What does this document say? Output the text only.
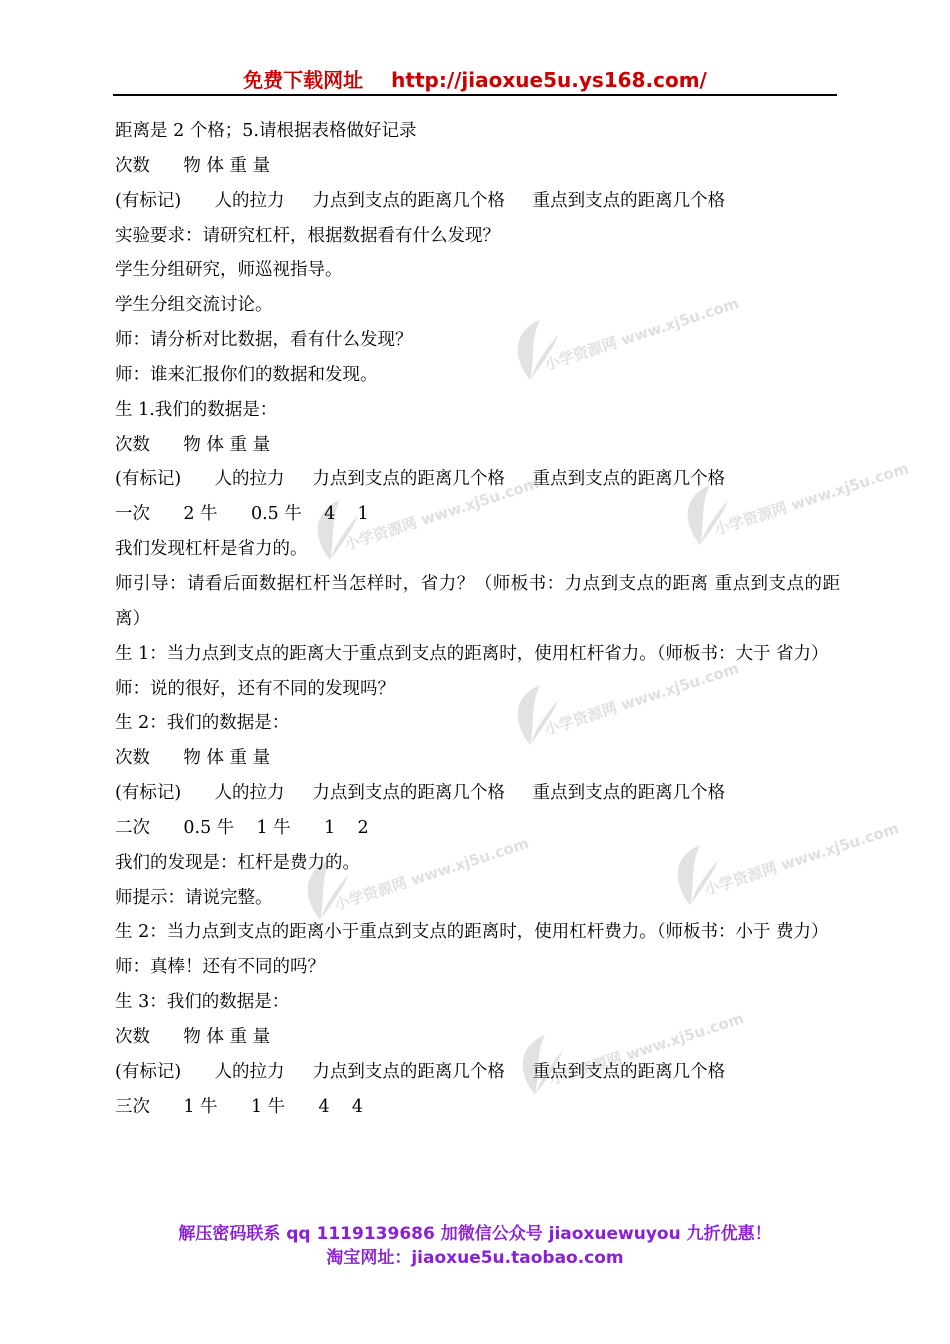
免费下载网址 http://jiaoxue5u.ys168.com/
小学资源网 www.xj5u.com
小学资源网 www.xj5u.com	小学资源网 www.xj5u.com
小学资源网 www.xj5u.com
小学资源网 www.xj5u.com	小学资源网 www.xj5u.com
小学资源网 www.xj5u.com
距离是 2 个格；5.请根据表格做好记录
次数      物 体 重 量
(有标记)      人的拉力     力点到支点的距离几个格     重点到支点的距离几个格
实验要求：请研究杠杆，根据数据看有什么发现？
学生分组研究，师巡视指导。
学生分组交流讨论。
师：请分析对比数据，看有什么发现？
师：谁来汇报你们的数据和发现。
生 1.我们的数据是：
次数      物 体 重 量
(有标记)      人的拉力     力点到支点的距离几个格     重点到支点的距离几个格
一次      2 牛      0.5 牛    4    1
我们发现杠杆是省力的。
师引导：请看后面数据杠杆当怎样时，省力？（师板书：力点到支点的距离 重点到支点的距离）
生 1：当力点到支点的距离大于重点到支点的距离时，使用杠杆省力。（师板书：大于 省力）
师：说的很好，还有不同的发现吗？
生 2：我们的数据是：
次数      物 体 重 量
(有标记)      人的拉力     力点到支点的距离几个格     重点到支点的距离几个格
二次      0.5 牛    1 牛      1    2
我们的发现是：杠杆是费力的。
师提示：请说完整。
生 2：当力点到支点的距离小于重点到支点的距离时，使用杠杆费力。（师板书：小于 费力）
师：真棒！还有不同的吗？
生 3：我们的数据是：
次数      物 体 重 量
(有标记)      人的拉力     力点到支点的距离几个格     重点到支点的距离几个格
三次      1 牛      1 牛      4    4
解压密码联系 qq 1119139686 加微信公众号 jiaoxuewuyou 九折优惠！
淘宝网址：jiaoxue5u.taobao.com
